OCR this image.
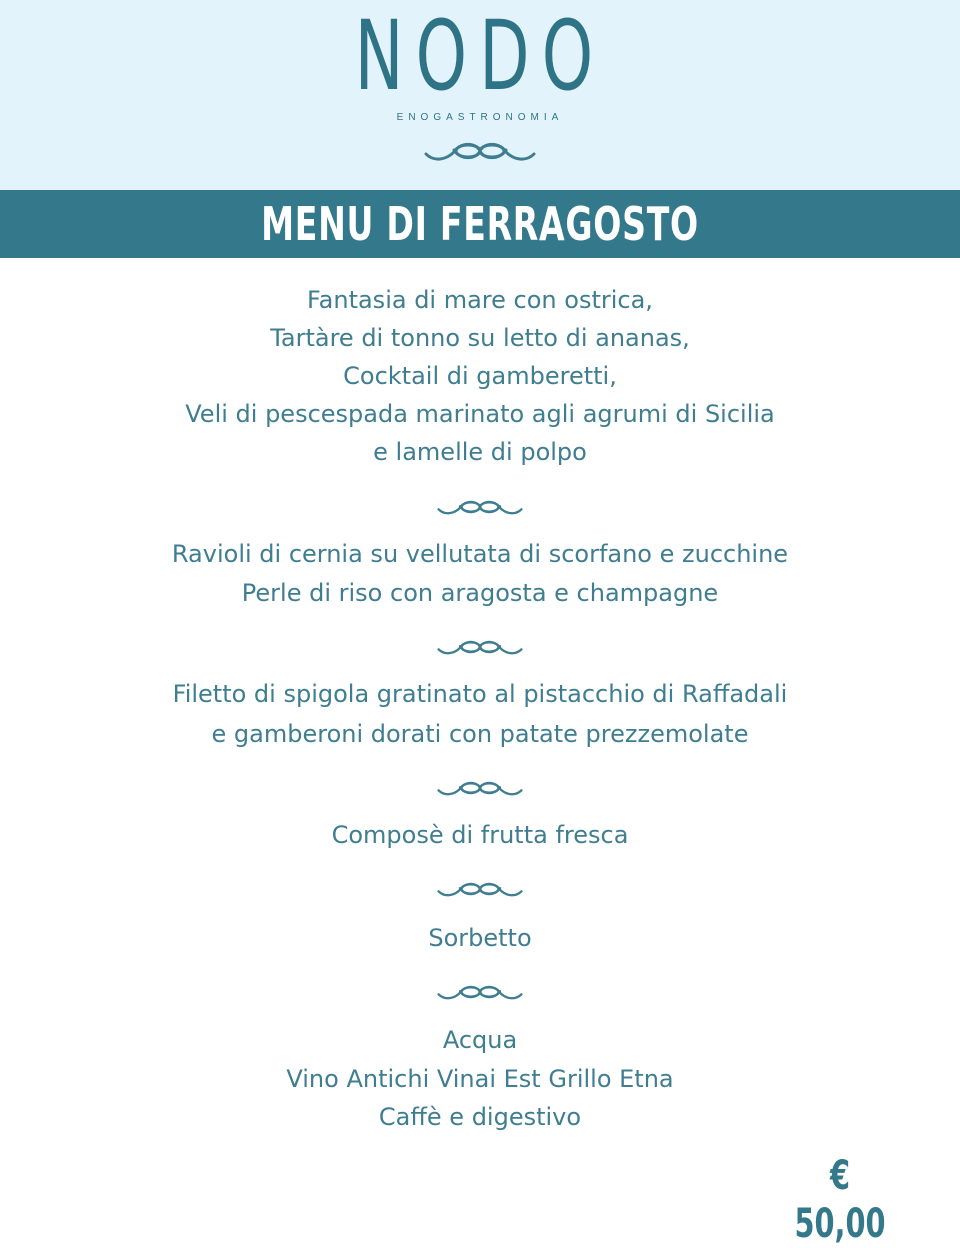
NODO
ENOGASTRONOMIA
MENU DI FERRAGOSTO
Fantasia di mare con ostrica,
Tartàre di tonno su letto di ananas,
Cocktail di gamberetti,
Veli di pescespada marinato agli agrumi di Sicilia
e lamelle di polpo
Ravioli di cernia su vellutata di scorfano e zucchine
Perle di riso con aragosta e champagne
Filetto di spigola gratinato al pistacchio di Raffadali
e gamberoni dorati con patate prezzemolate
Composè di frutta fresca
Sorbetto
Acqua
Vino Antichi Vinai Est Grillo Etna
Caffè e digestivo
€ 50,00
